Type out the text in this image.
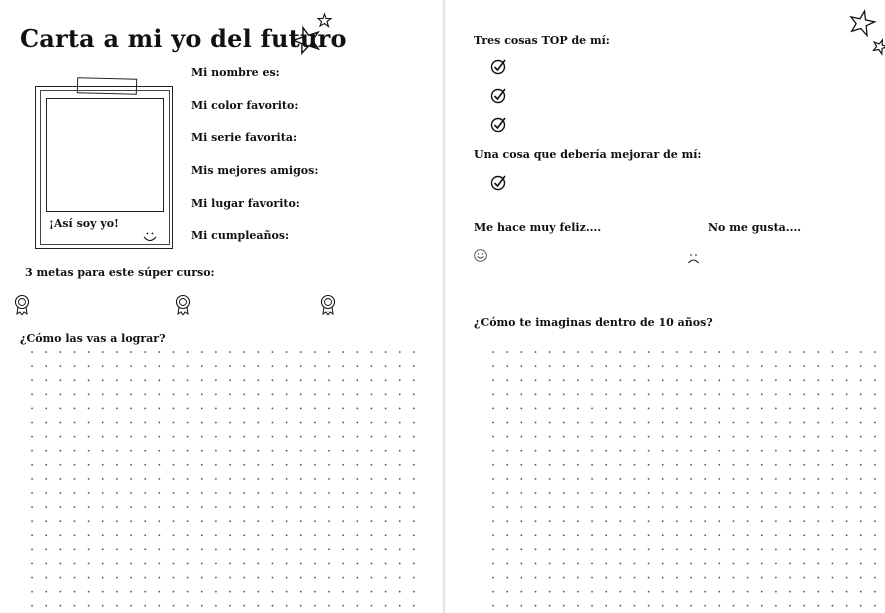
Carta a mi yo del futuro
¡Así soy yo!
Mi nombre es:
Mi color favorito:
Mi serie favorita:
Mis mejores amigos:
Mi lugar favorito:
Mi cumpleaños:
3 metas para este súper curso:
¿Cómo las vas a lograr?
Tres cosas TOP de mí:
Una cosa que debería mejorar de mí:
Me hace muy feliz....	No me gusta....
¿Cómo te imaginas dentro de 10 años?
